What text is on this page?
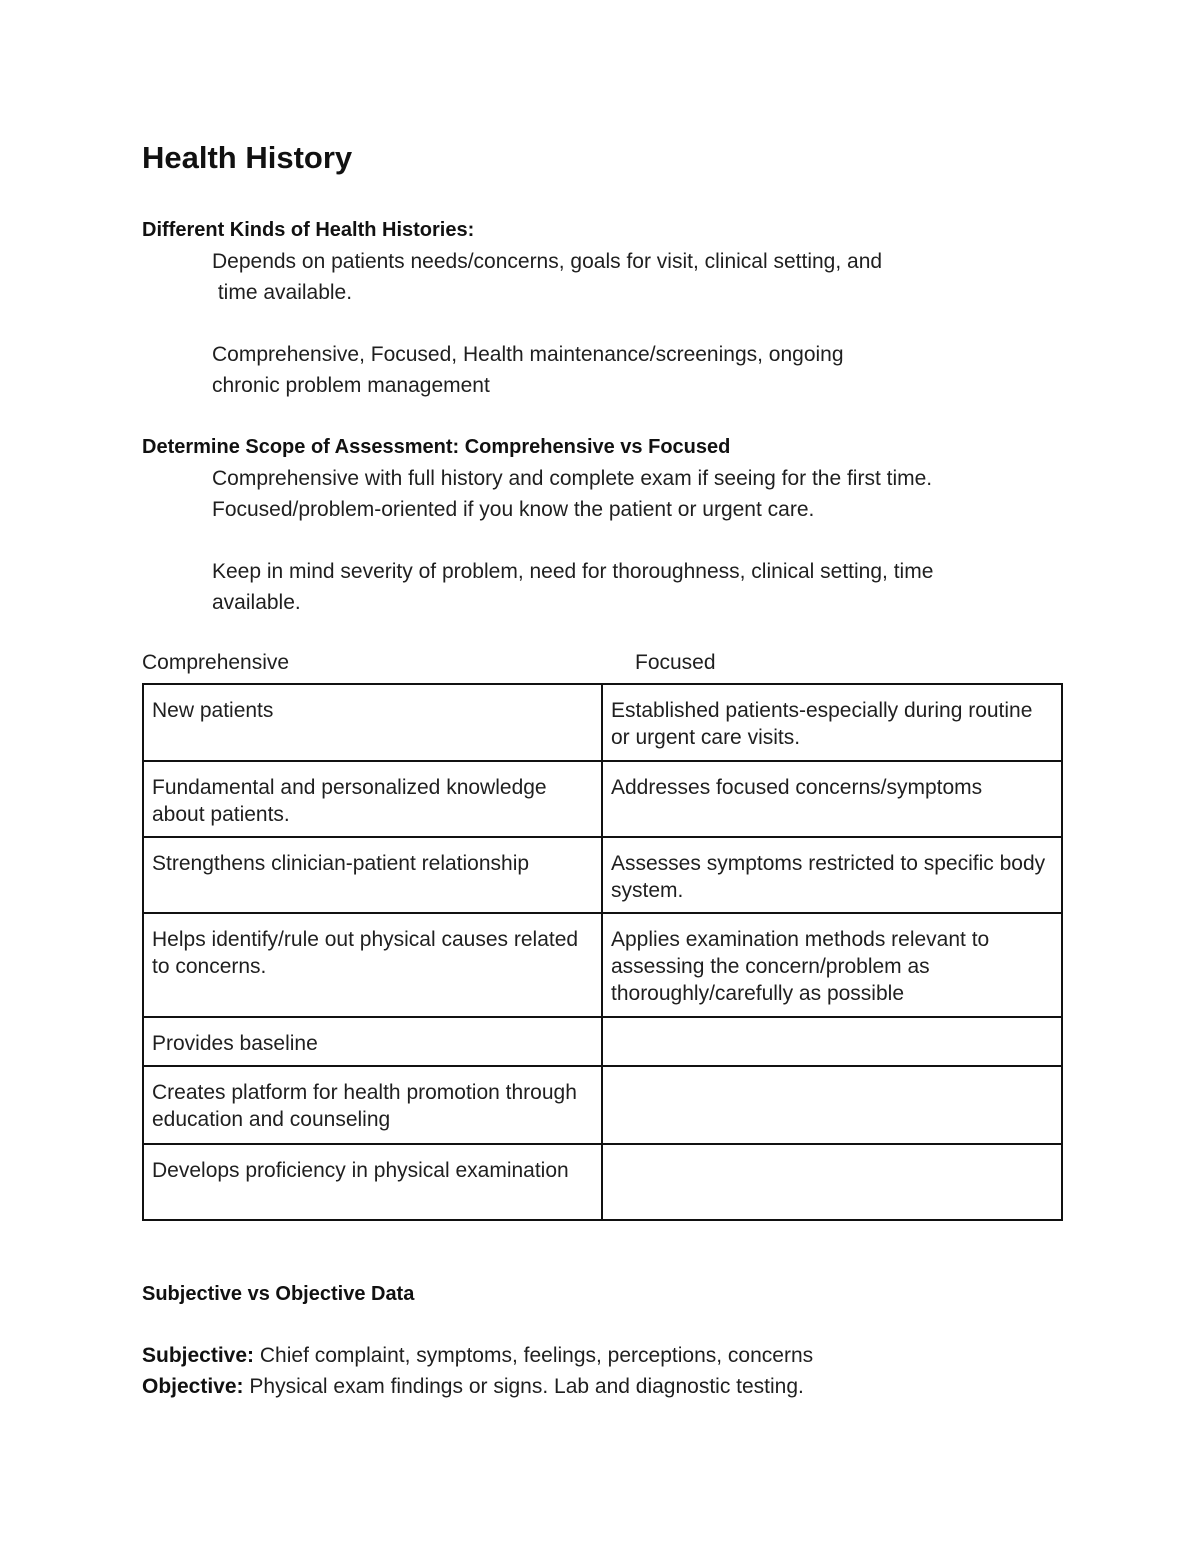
Health History
Different Kinds of Health Histories:
Depends on patients needs/concerns, goals for visit, clinical setting, and
time available.
Comprehensive, Focused, Health maintenance/screenings, ongoing
chronic problem management
Determine Scope of Assessment: Comprehensive vs Focused
Comprehensive with full history and complete exam if seeing for the first time.
Focused/problem-oriented if you know the patient or urgent care.
Keep in mind severity of problem, need for thoroughness, clinical setting, time
available.
Comprehensive	Focused
New patients	Established patients-especially during routine or urgent care visits.
Fundamental and personalized knowledge about patients.	Addresses focused concerns/symptoms
Strengthens clinician-patient relationship	Assesses symptoms restricted to specific body system.
Helps identify/rule out physical causes related to concerns.	Applies examination methods relevant to assessing the concern/problem as thoroughly/carefully as possible
Provides baseline	
Creates platform for health promotion through education and counseling	
Develops proficiency in physical examination	
Subjective vs Objective Data
Subjective: Chief complaint, symptoms, feelings, perceptions, concerns
Objective: Physical exam findings or signs. Lab and diagnostic testing.
